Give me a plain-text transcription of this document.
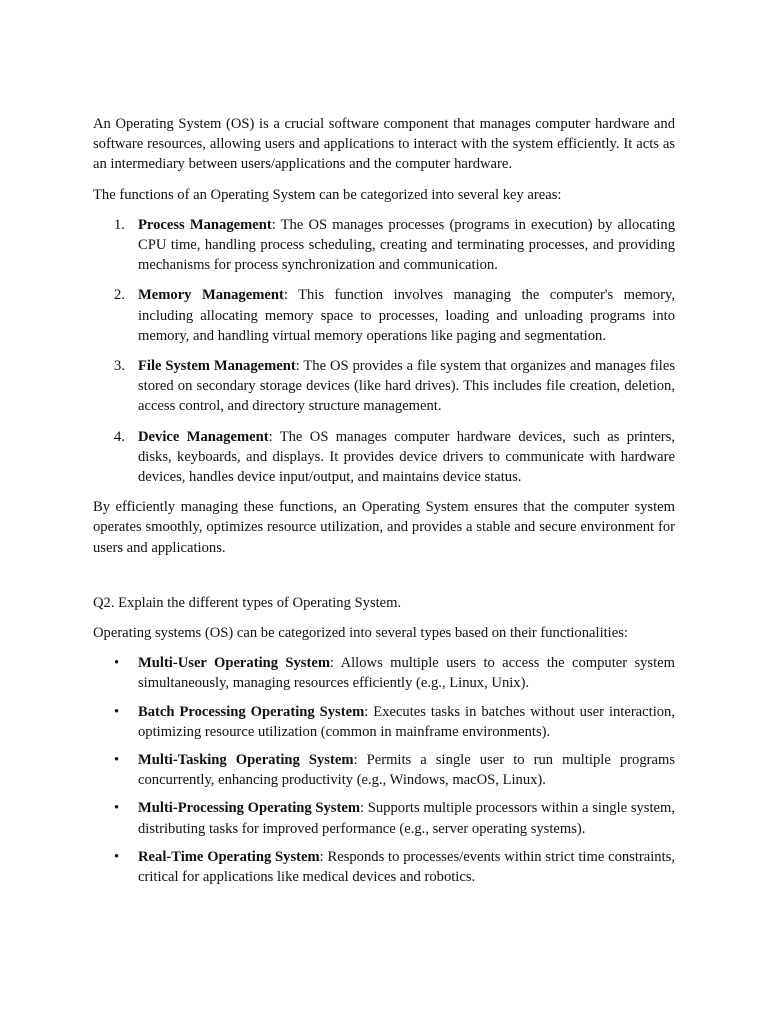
An Operating System (OS) is a crucial software component that manages computer hardware and software resources, allowing users and applications to interact with the system efficiently. It acts as an intermediary between users/applications and the computer hardware.

The functions of an Operating System can be categorized into several key areas:

1. Process Management: The OS manages processes (programs in execution) by allocating CPU time, handling process scheduling, creating and terminating processes, and providing mechanisms for process synchronization and communication.
2. Memory Management: This function involves managing the computer's memory, including allocating memory space to processes, loading and unloading programs into memory, and handling virtual memory operations like paging and segmentation.
3. File System Management: The OS provides a file system that organizes and manages files stored on secondary storage devices (like hard drives). This includes file creation, deletion, access control, and directory structure management.
4. Device Management: The OS manages computer hardware devices, such as printers, disks, keyboards, and displays. It provides device drivers to communicate with hardware devices, handles device input/output, and maintains device status.

By efficiently managing these functions, an Operating System ensures that the computer system operates smoothly, optimizes resource utilization, and provides a stable and secure environment for users and applications.

Q2. Explain the different types of Operating System.

Operating systems (OS) can be categorized into several types based on their functionalities:

• Multi-User Operating System: Allows multiple users to access the computer system simultaneously, managing resources efficiently (e.g., Linux, Unix).
• Batch Processing Operating System: Executes tasks in batches without user interaction, optimizing resource utilization (common in mainframe environments).
• Multi-Tasking Operating System: Permits a single user to run multiple programs concurrently, enhancing productivity (e.g., Windows, macOS, Linux).
• Multi-Processing Operating System: Supports multiple processors within a single system, distributing tasks for improved performance (e.g., server operating systems).
• Real-Time Operating System: Responds to processes/events within strict time constraints, critical for applications like medical devices and robotics.
